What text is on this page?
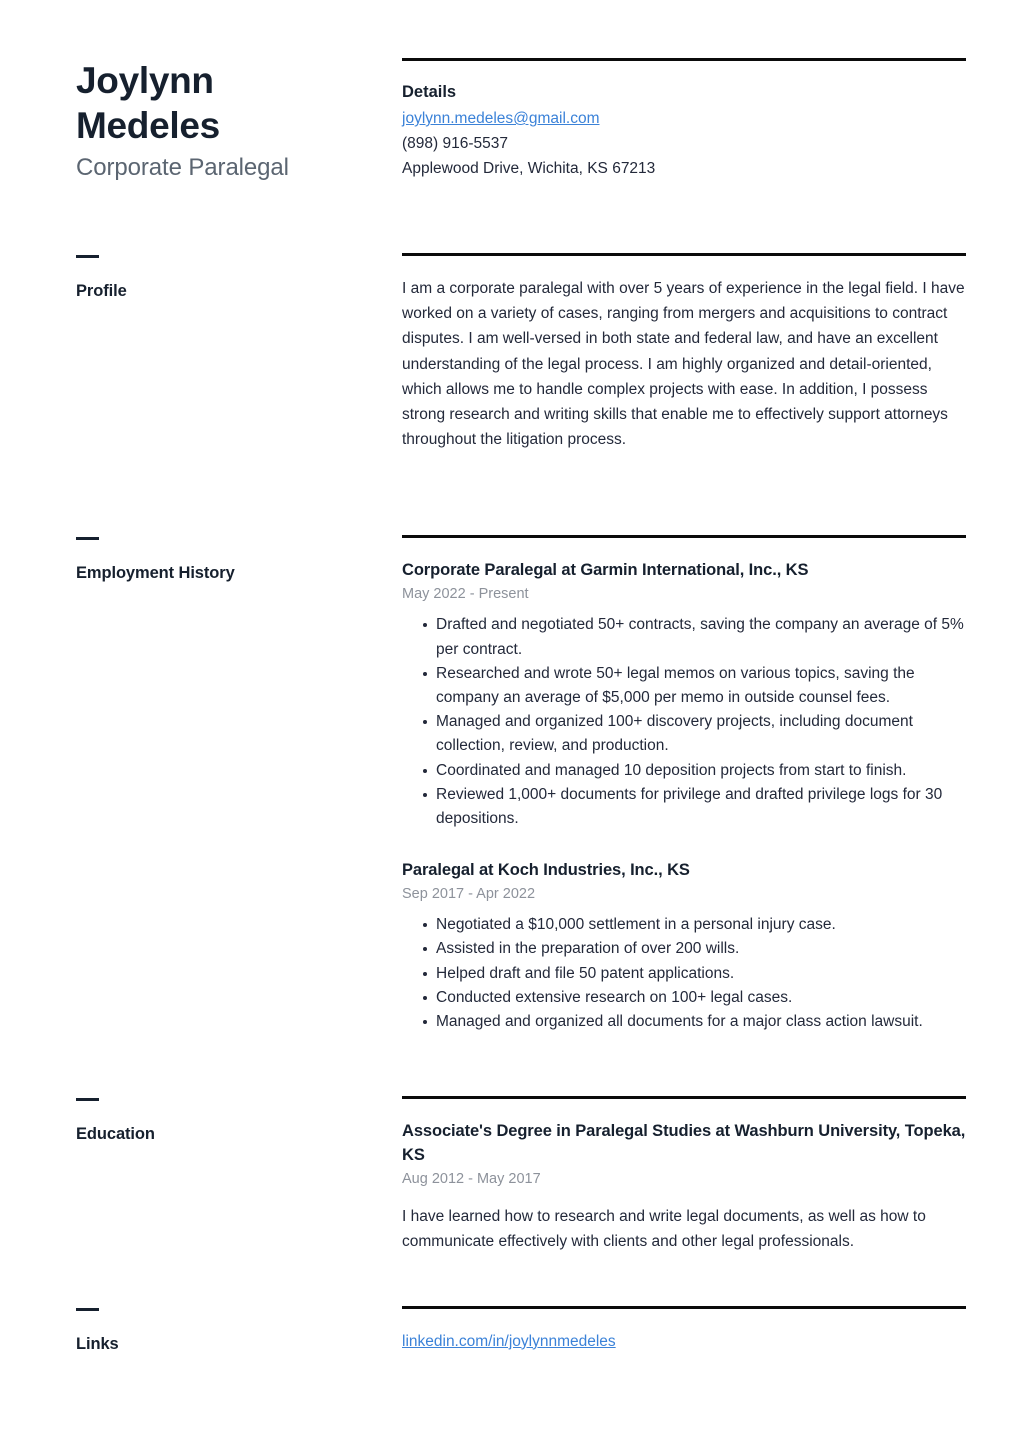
Joylynn
Medeles
Corporate Paralegal
Details
joylynn.medeles@gmail.com
(898) 916-5537
Applewood Drive, Wichita, KS 67213
Profile	I am a corporate paralegal with over 5 years of experience in the legal field. I have worked on a variety of cases, ranging from mergers and acquisitions to contract disputes. I am well-versed in both state and federal law, and have an excellent understanding of the legal process. I am highly organized and detail-oriented, which allows me to handle complex projects with ease. In addition, I possess strong research and writing skills that enable me to effectively support attorneys throughout the litigation process.
Employment History	Corporate Paralegal at Garmin International, Inc., KS
May 2022 - Present
Drafted and negotiated 50+ contracts, saving the company an average of 5% per contract.
Researched and wrote 50+ legal memos on various topics, saving the company an average of $5,000 per memo in outside counsel fees.
Managed and organized 100+ discovery projects, including document collection, review, and production.
Coordinated and managed 10 deposition projects from start to finish.
Reviewed 1,000+ documents for privilege and drafted privilege logs for 30 depositions.
Paralegal at Koch Industries, Inc., KS
Sep 2017 - Apr 2022
Negotiated a $10,000 settlement in a personal injury case.
Assisted in the preparation of over 200 wills.
Helped draft and file 50 patent applications.
Conducted extensive research on 100+ legal cases.
Managed and organized all documents for a major class action lawsuit.
Education	Associate's Degree in Paralegal Studies at Washburn University, Topeka, KS
Aug 2012 - May 2017
I have learned how to research and write legal documents, as well as how to communicate effectively with clients and other legal professionals.
Links	linkedin.com/in/joylynnmedeles
